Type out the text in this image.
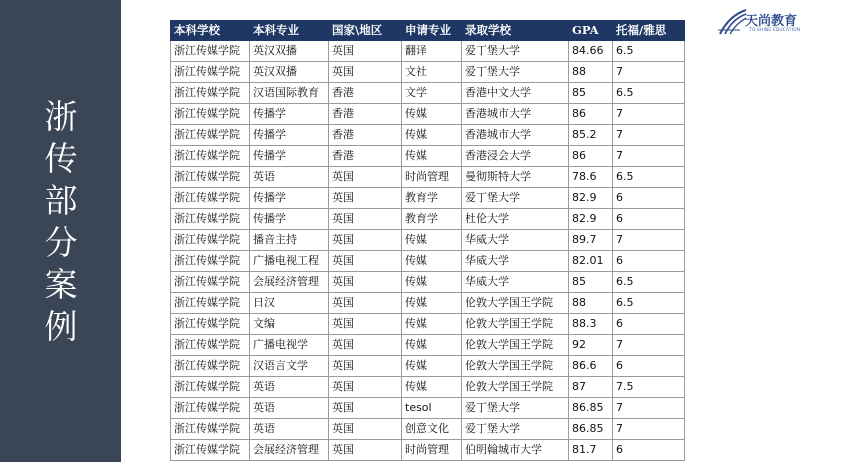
浙
传
部
分
案
例
天尚教育
TO SHINE EDUCATION
本科学校	本科专业	国家\地区	申请专业	录取学校	GPA	托福/雅思
浙江传媒学院	英汉双播	英国	翻译	爱丁堡大学	84.66	6.5
浙江传媒学院	英汉双播	英国	文社	爱丁堡大学	88	7
浙江传媒学院	汉语国际教育	香港	文学	香港中文大学	85	6.5
浙江传媒学院	传播学	香港	传媒	香港城市大学	86	7
浙江传媒学院	传播学	香港	传媒	香港城市大学	85.2	7
浙江传媒学院	传播学	香港	传媒	香港浸会大学	86	7
浙江传媒学院	英语	英国	时尚管理	曼彻斯特大学	78.6	6.5
浙江传媒学院	传播学	英国	教育学	爱丁堡大学	82.9	6
浙江传媒学院	传播学	英国	教育学	杜伦大学	82.9	6
浙江传媒学院	播音主持	英国	传媒	华威大学	89.7	7
浙江传媒学院	广播电视工程	英国	传媒	华威大学	82.01	6
浙江传媒学院	会展经济管理	英国	传媒	华威大学	85	6.5
浙江传媒学院	日汉	英国	传媒	伦敦大学国王学院	88	6.5
浙江传媒学院	文编	英国	传媒	伦敦大学国王学院	88.3	6
浙江传媒学院	广播电视学	英国	传媒	伦敦大学国王学院	92	7
浙江传媒学院	汉语言文学	英国	传媒	伦敦大学国王学院	86.6	6
浙江传媒学院	英语	英国	传媒	伦敦大学国王学院	87	7.5
浙江传媒学院	英语	英国	tesol	爱丁堡大学	86.85	7
浙江传媒学院	英语	英国	创意文化	爱丁堡大学	86.85	7
浙江传媒学院	会展经济管理	英国	时尚管理	伯明翰城市大学	81.7	6
